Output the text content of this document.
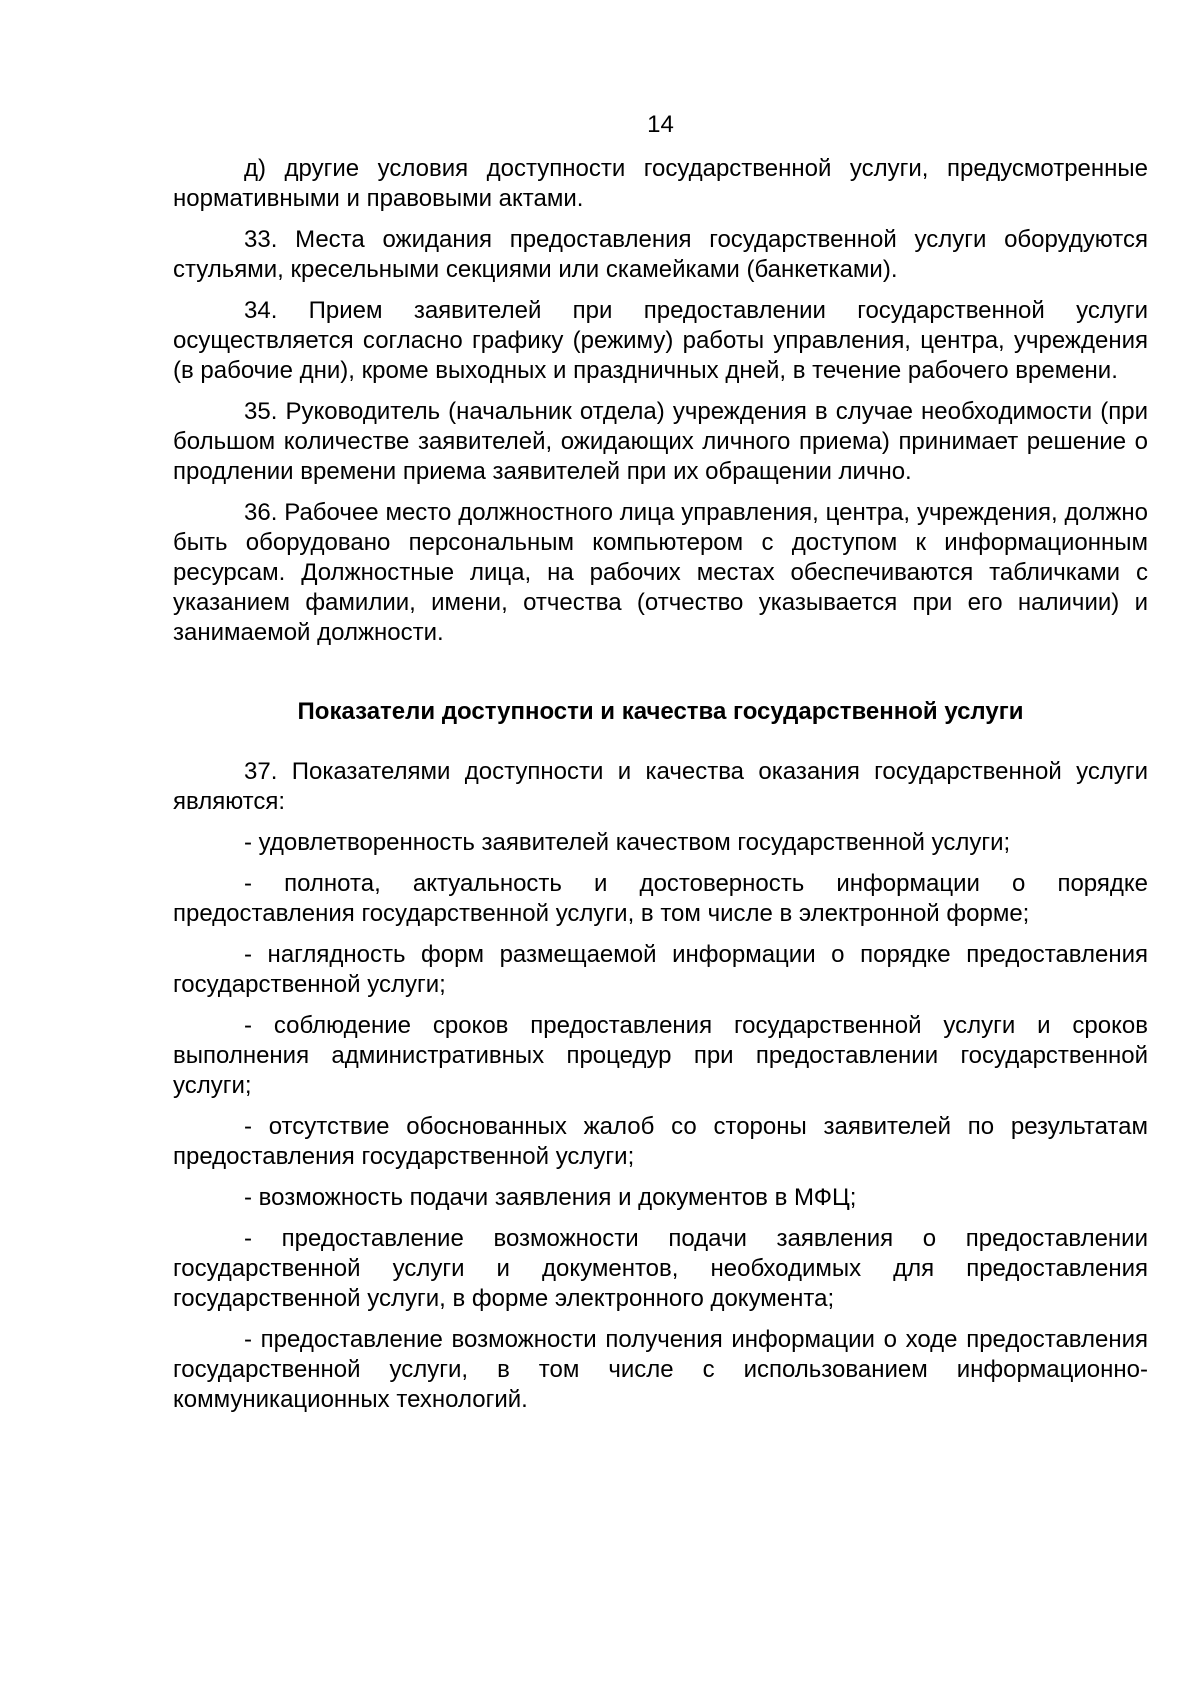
14

д) другие условия доступности государственной услуги, предусмотренные нормативными и правовыми актами.

33. Места ожидания предоставления государственной услуги оборудуются стульями, кресельными секциями или скамейками (банкетками).

34. Прием заявителей при предоставлении государственной услуги осуществляется согласно графику (режиму) работы управления, центра, учреждения (в рабочие дни), кроме выходных и праздничных дней, в течение рабочего времени.

35. Руководитель (начальник отдела) учреждения в случае необходимости (при большом количестве заявителей, ожидающих личного приема) принимает решение о продлении времени приема заявителей при их обращении лично.

36. Рабочее место должностного лица управления, центра, учреждения, должно быть оборудовано персональным компьютером с доступом к информационным ресурсам. Должностные лица, на рабочих местах обеспечиваются табличками с указанием фамилии, имени, отчества (отчество указывается при его наличии) и занимаемой должности.

Показатели доступности и качества государственной услуги

37. Показателями доступности и качества оказания государственной услуги являются:

- удовлетворенность заявителей качеством государственной услуги;

- полнота, актуальность и достоверность информации о порядке предоставления государственной услуги, в том числе в электронной форме;

- наглядность форм размещаемой информации о порядке предоставления государственной услуги;

- соблюдение сроков предоставления государственной услуги и сроков выполнения административных процедур при предоставлении государственной услуги;

- отсутствие обоснованных жалоб со стороны заявителей по результатам предоставления государственной услуги;

- возможность подачи заявления и документов в МФЦ;

- предоставление возможности подачи заявления о предоставлении государственной услуги и документов, необходимых для предоставления государственной услуги, в форме электронного документа;

- предоставление возможности получения информации о ходе предоставления государственной услуги, в том числе с использованием информационно-коммуникационных технологий.
